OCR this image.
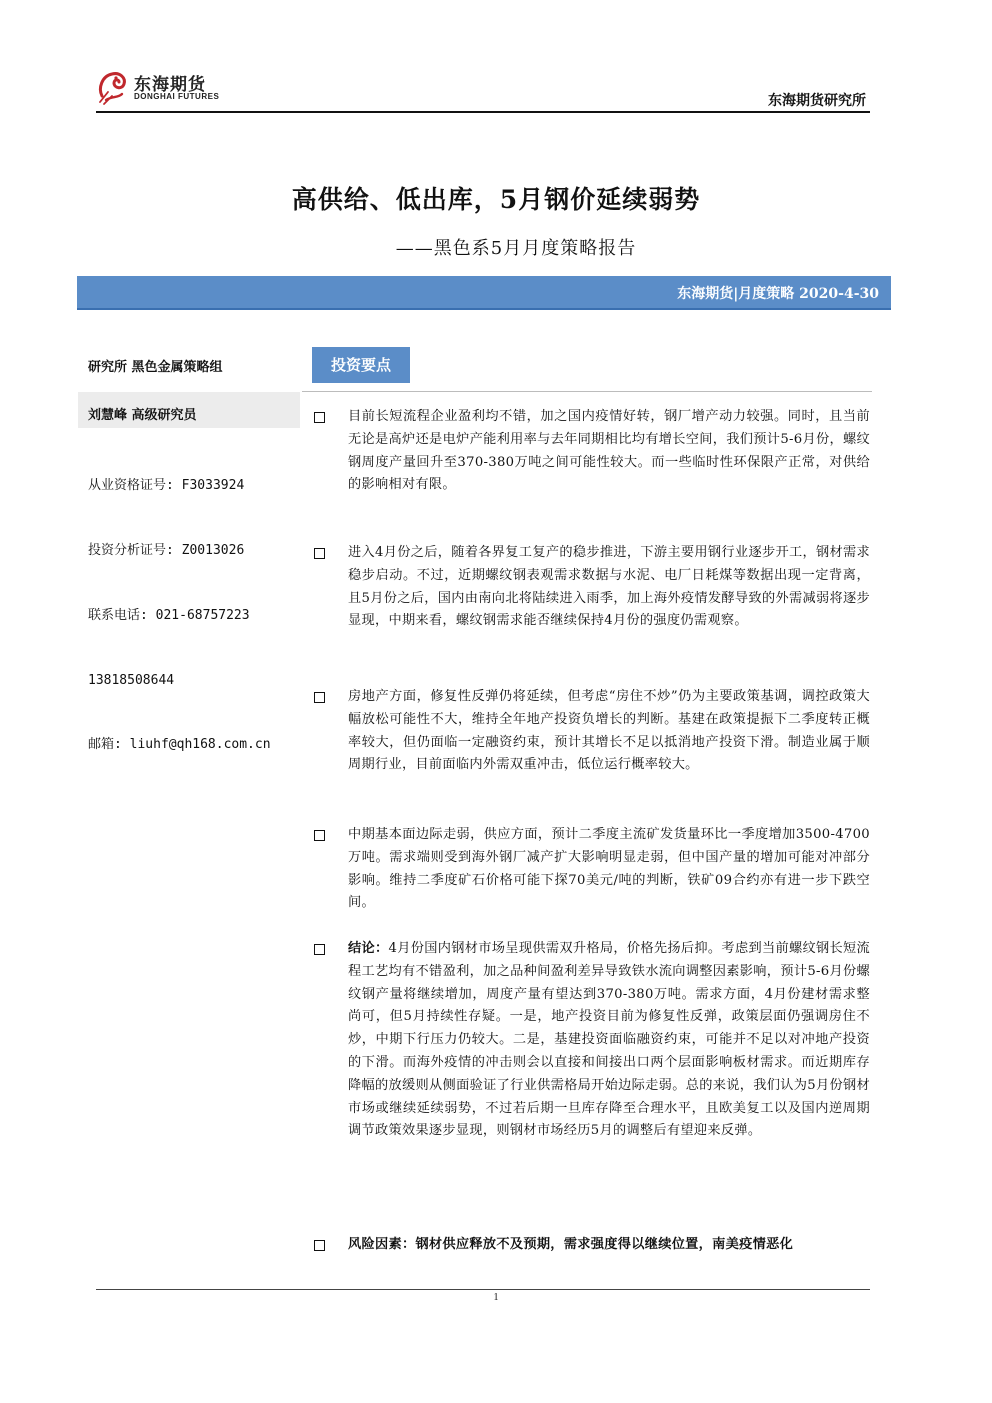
东海期货
DONGHAI FUTURES	东海期货研究所
高供给、低出库，5月钢价延续弱势
——黑色系5月月度策略报告
东海期货|月度策略 2020-4-30
研究所 黑色金属策略组
刘慧峰 高级研究员

从业资格证号: F3033924

投资分析证号: Z0013026

联系电话: 021-68757223

13818508644

邮箱: liuhf@qh168.com.cn

投资要点
目前长短流程企业盈利均不错，加之国内疫情好转，钢厂增产动力较强。同时，且当前无论是高炉还是电炉产能利用率与去年同期相比均有增长空间，我们预计5-6月份，螺纹钢周度产量回升至370-380万吨之间可能性较大。而一些临时性环保限产正常，对供给的影响相对有限。
进入4月份之后，随着各界复工复产的稳步推进，下游主要用钢行业逐步开工，钢材需求稳步启动。不过，近期螺纹钢表观需求数据与水泥、电厂日耗煤等数据出现一定背离，且5月份之后，国内由南向北将陆续进入雨季，加上海外疫情发酵导致的外需减弱将逐步显现，中期来看，螺纹钢需求能否继续保持4月份的强度仍需观察。
房地产方面，修复性反弹仍将延续，但考虑“房住不炒”仍为主要政策基调，调控政策大幅放松可能性不大，维持全年地产投资负增长的判断。基建在政策提振下二季度转正概率较大，但仍面临一定融资约束，预计其增长不足以抵消地产投资下滑。制造业属于顺周期行业，目前面临内外需双重冲击，低位运行概率较大。
中期基本面边际走弱，供应方面，预计二季度主流矿发货量环比一季度增加3500-4700万吨。需求端则受到海外钢厂减产扩大影响明显走弱，但中国产量的增加可能对冲部分影响。维持二季度矿石价格可能下探70美元/吨的判断，铁矿09合约亦有进一步下跌空间。
结论：4月份国内钢材市场呈现供需双升格局，价格先扬后抑。考虑到当前螺纹钢长短流程工艺均有不错盈利，加之品种间盈利差异导致铁水流向调整因素影响，预计5-6月份螺纹钢产量将继续增加，周度产量有望达到370-380万吨。需求方面，4月份建材需求整尚可，但5月持续性存疑。一是，地产投资目前为修复性反弹，政策层面仍强调房住不炒，中期下行压力仍较大。二是，基建投资面临融资约束，可能并不足以对冲地产投资的下滑。而海外疫情的冲击则会以直接和间接出口两个层面影响板材需求。而近期库存降幅的放缓则从侧面验证了行业供需格局开始边际走弱。总的来说，我们认为5月份钢材市场或继续延续弱势，不过若后期一旦库存降至合理水平，且欧美复工以及国内逆周期调节政策效果逐步显现，则钢材市场经历5月的调整后有望迎来反弹。
风险因素：钢材供应释放不及预期，需求强度得以继续位置，南美疫情恶化
1
